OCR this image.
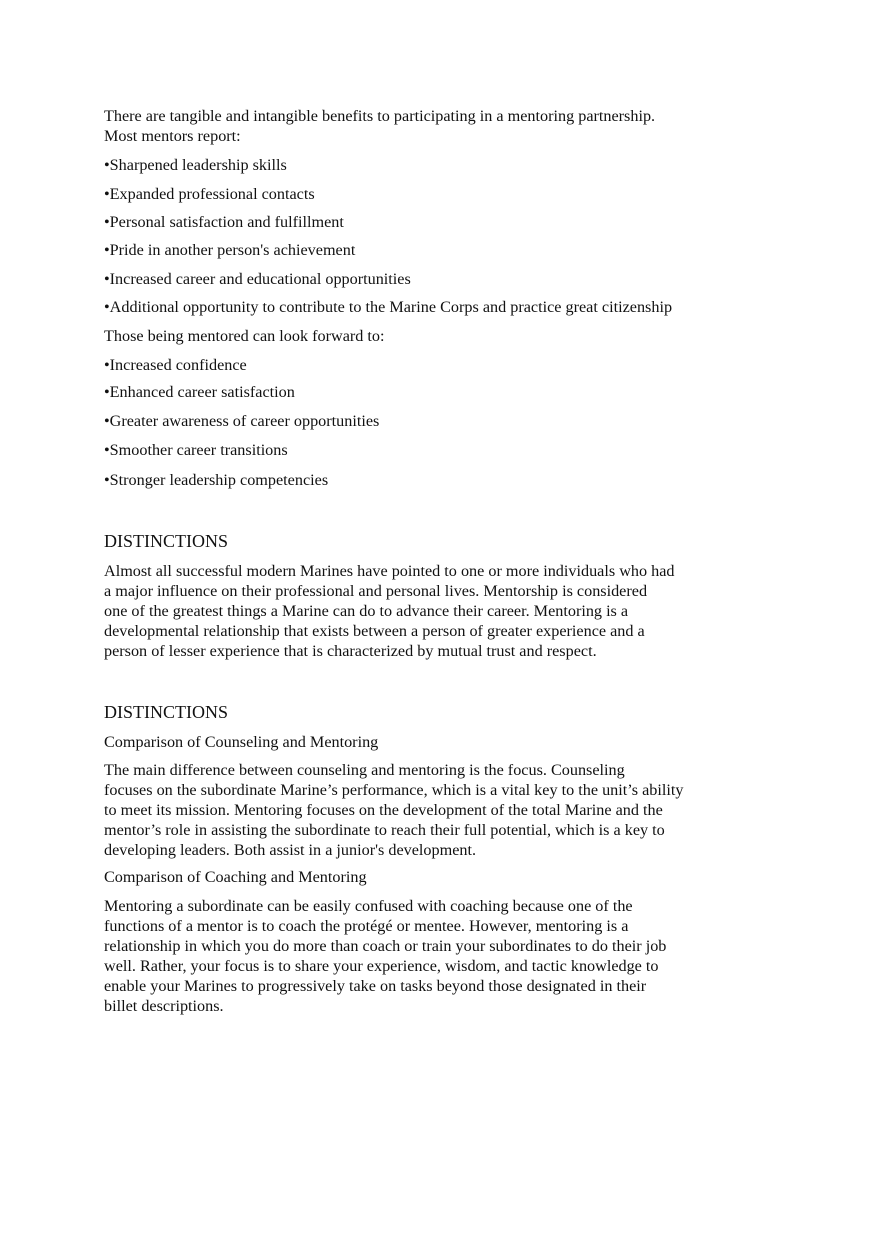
There are tangible and intangible benefits to participating in a mentoring partnership.

Most mentors report:

•Sharpened leadership skills

•Expanded professional contacts

•Personal satisfaction and fulfillment

•Pride in another person's achievement

•Increased career and educational opportunities

•Additional opportunity to contribute to the Marine Corps and practice great citizenship

Those being mentored can look forward to:

•Increased confidence

•Enhanced career satisfaction

•Greater awareness of career opportunities

•Smoother career transitions

•Stronger leadership competencies

DISTINCTIONS
Almost all successful modern Marines have pointed to one or more individuals who had
a major influence on their professional and personal lives. Mentorship is considered
one of the greatest things a Marine can do to advance their career. Mentoring is a
developmental relationship that exists between a person of greater experience and a
person of lesser experience that is characterized by mutual trust and respect.
DISTINCTIONS

Comparison of Counseling and Mentoring

The main difference between counseling and mentoring is the focus. Counseling
focuses on the subordinate Marine’s performance, which is a vital key to the unit’s ability
to meet its mission. Mentoring focuses on the development of the total Marine and the
mentor’s role in assisting the subordinate to reach their full potential, which is a key to
developing leaders. Both assist in a junior's development.

Comparison of Coaching and Mentoring

Mentoring a subordinate can be easily confused with coaching because one of the
functions of a mentor is to coach the protégé or mentee. However, mentoring is a
relationship in which you do more than coach or train your subordinates to do their job
well. Rather, your focus is to share your experience, wisdom, and tactic knowledge to
enable your Marines to progressively take on tasks beyond those designated in their
billet descriptions.
